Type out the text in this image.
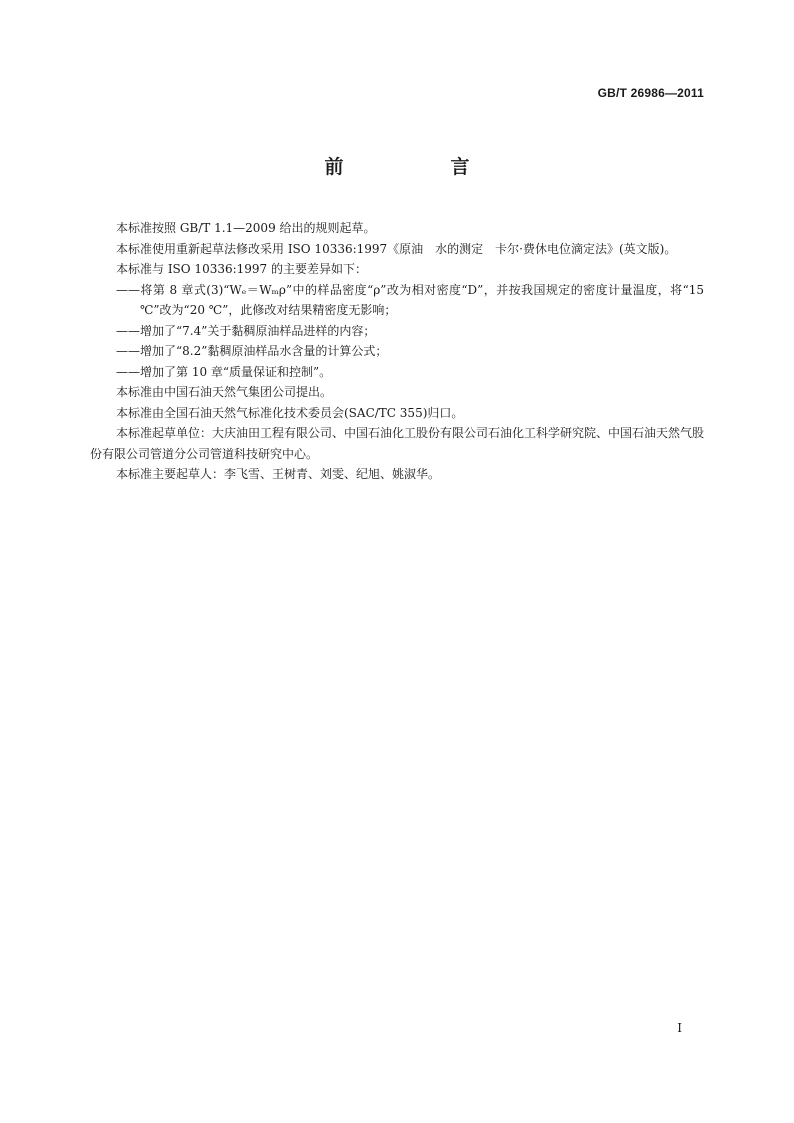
GB/T 26986—2011
前　言

本标准按照 GB/T 1.1—2009 给出的规则起草。

本标准使用重新起草法修改采用 ISO 10336:1997《原油　水的测定　卡尔·费休电位滴定法》(英文版)。

本标准与 ISO 10336:1997 的主要差异如下：

——将第 8 章式(3)“Wₑ＝Wₘρ”中的样品密度“ρ”改为相对密度“D”，并按我国规定的密度计量温度，将“15 ℃”改为“20 ℃”，此修改对结果精密度无影响；

——增加了“7.4”关于黏稠原油样品进样的内容；

——增加了“8.2”黏稠原油样品水含量的计算公式；

——增加了第 10 章“质量保证和控制”。

本标准由中国石油天然气集团公司提出。

本标准由全国石油天然气标准化技术委员会(SAC/TC 355)归口。

本标准起草单位：大庆油田工程有限公司、中国石油化工股份有限公司石油化工科学研究院、中国石油天然气股份有限公司管道分公司管道科技研究中心。

本标准主要起草人：李飞雪、王树青、刘雯、纪旭、姚淑华。

I
